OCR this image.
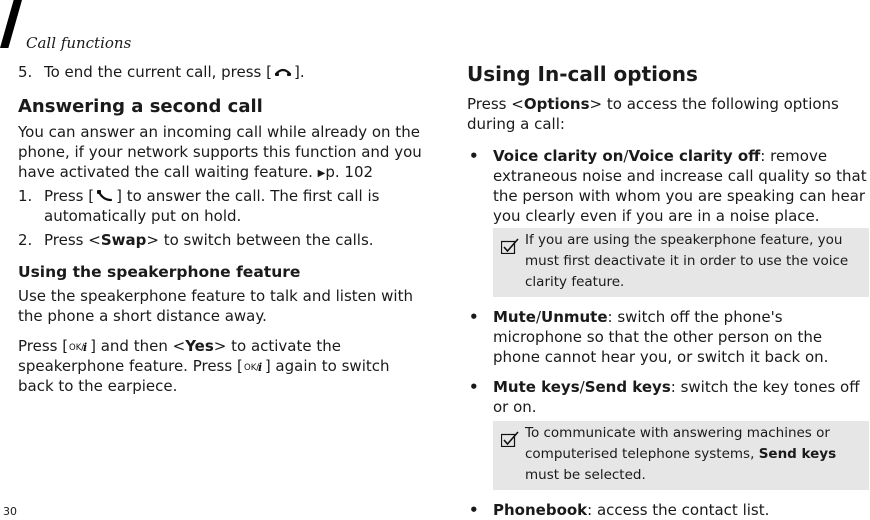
Call functions
5. To end the current call, press [ ].

Answering a second call

You can answer an incoming call while already on the phone, if your network supports this function and you have activated the call waiting feature. ▶p. 102

1. Press [ ] to answer the call. The first call is automatically put on hold.
2. Press <Swap> to switch between the calls.

Using the speakerphone feature

Use the speakerphone feature to talk and listen with the phone a short distance away.

Press [ OK/
i ] and then <Yes> to activate the speakerphone feature. Press [ OK/
i ] again to switch back to the earpiece.

Using In-call options

Press <Options> to access the following options during a call:

• Voice clarity on/Voice clarity off: remove extraneous noise and increase call quality so that the person with whom you are speaking can hear you clearly even if you are in a noise place.
If you are using the speakerphone feature, you must first deactivate it in order to use the voice clarity feature.
• Mute/Unmute: switch off the phone's microphone so that the other person on the phone cannot hear you, or switch it back on.
• Mute keys/Send keys: switch the key tones off or on.
To communicate with answering machines or computerised telephone systems, Send keys must be selected.
• Phonebook: access the contact list.
30
